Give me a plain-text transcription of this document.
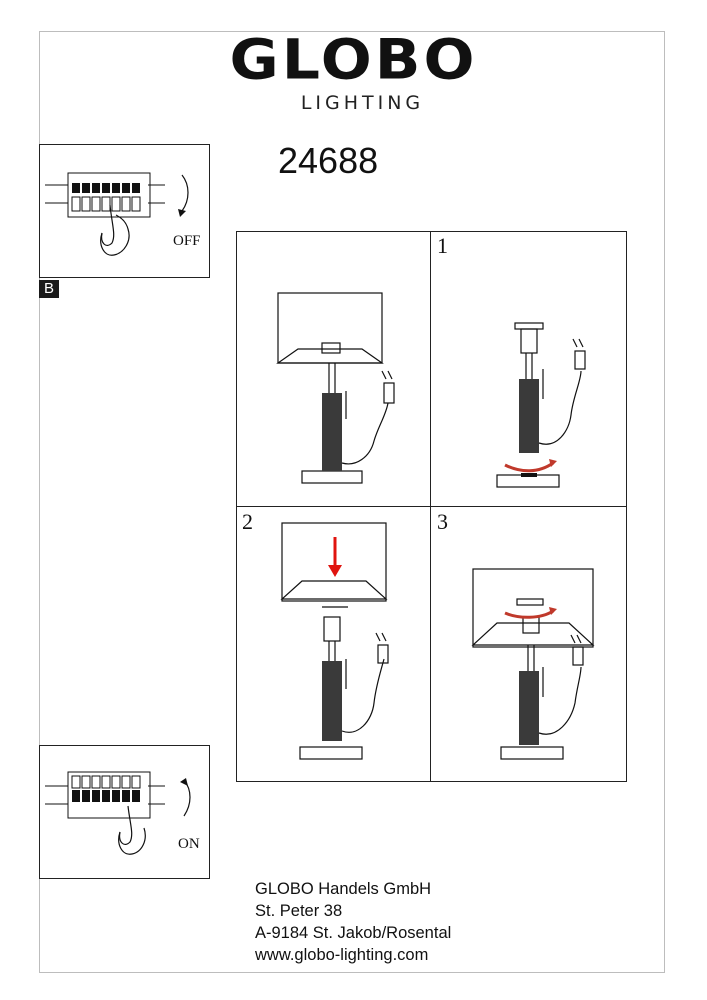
GLOBO
LIGHTING
24688
OFF
B
ON
1
2	3
GLOBO Handels GmbH
St. Peter 38
A-9184 St. Jakob/Rosental
www.globo-lighting.com
